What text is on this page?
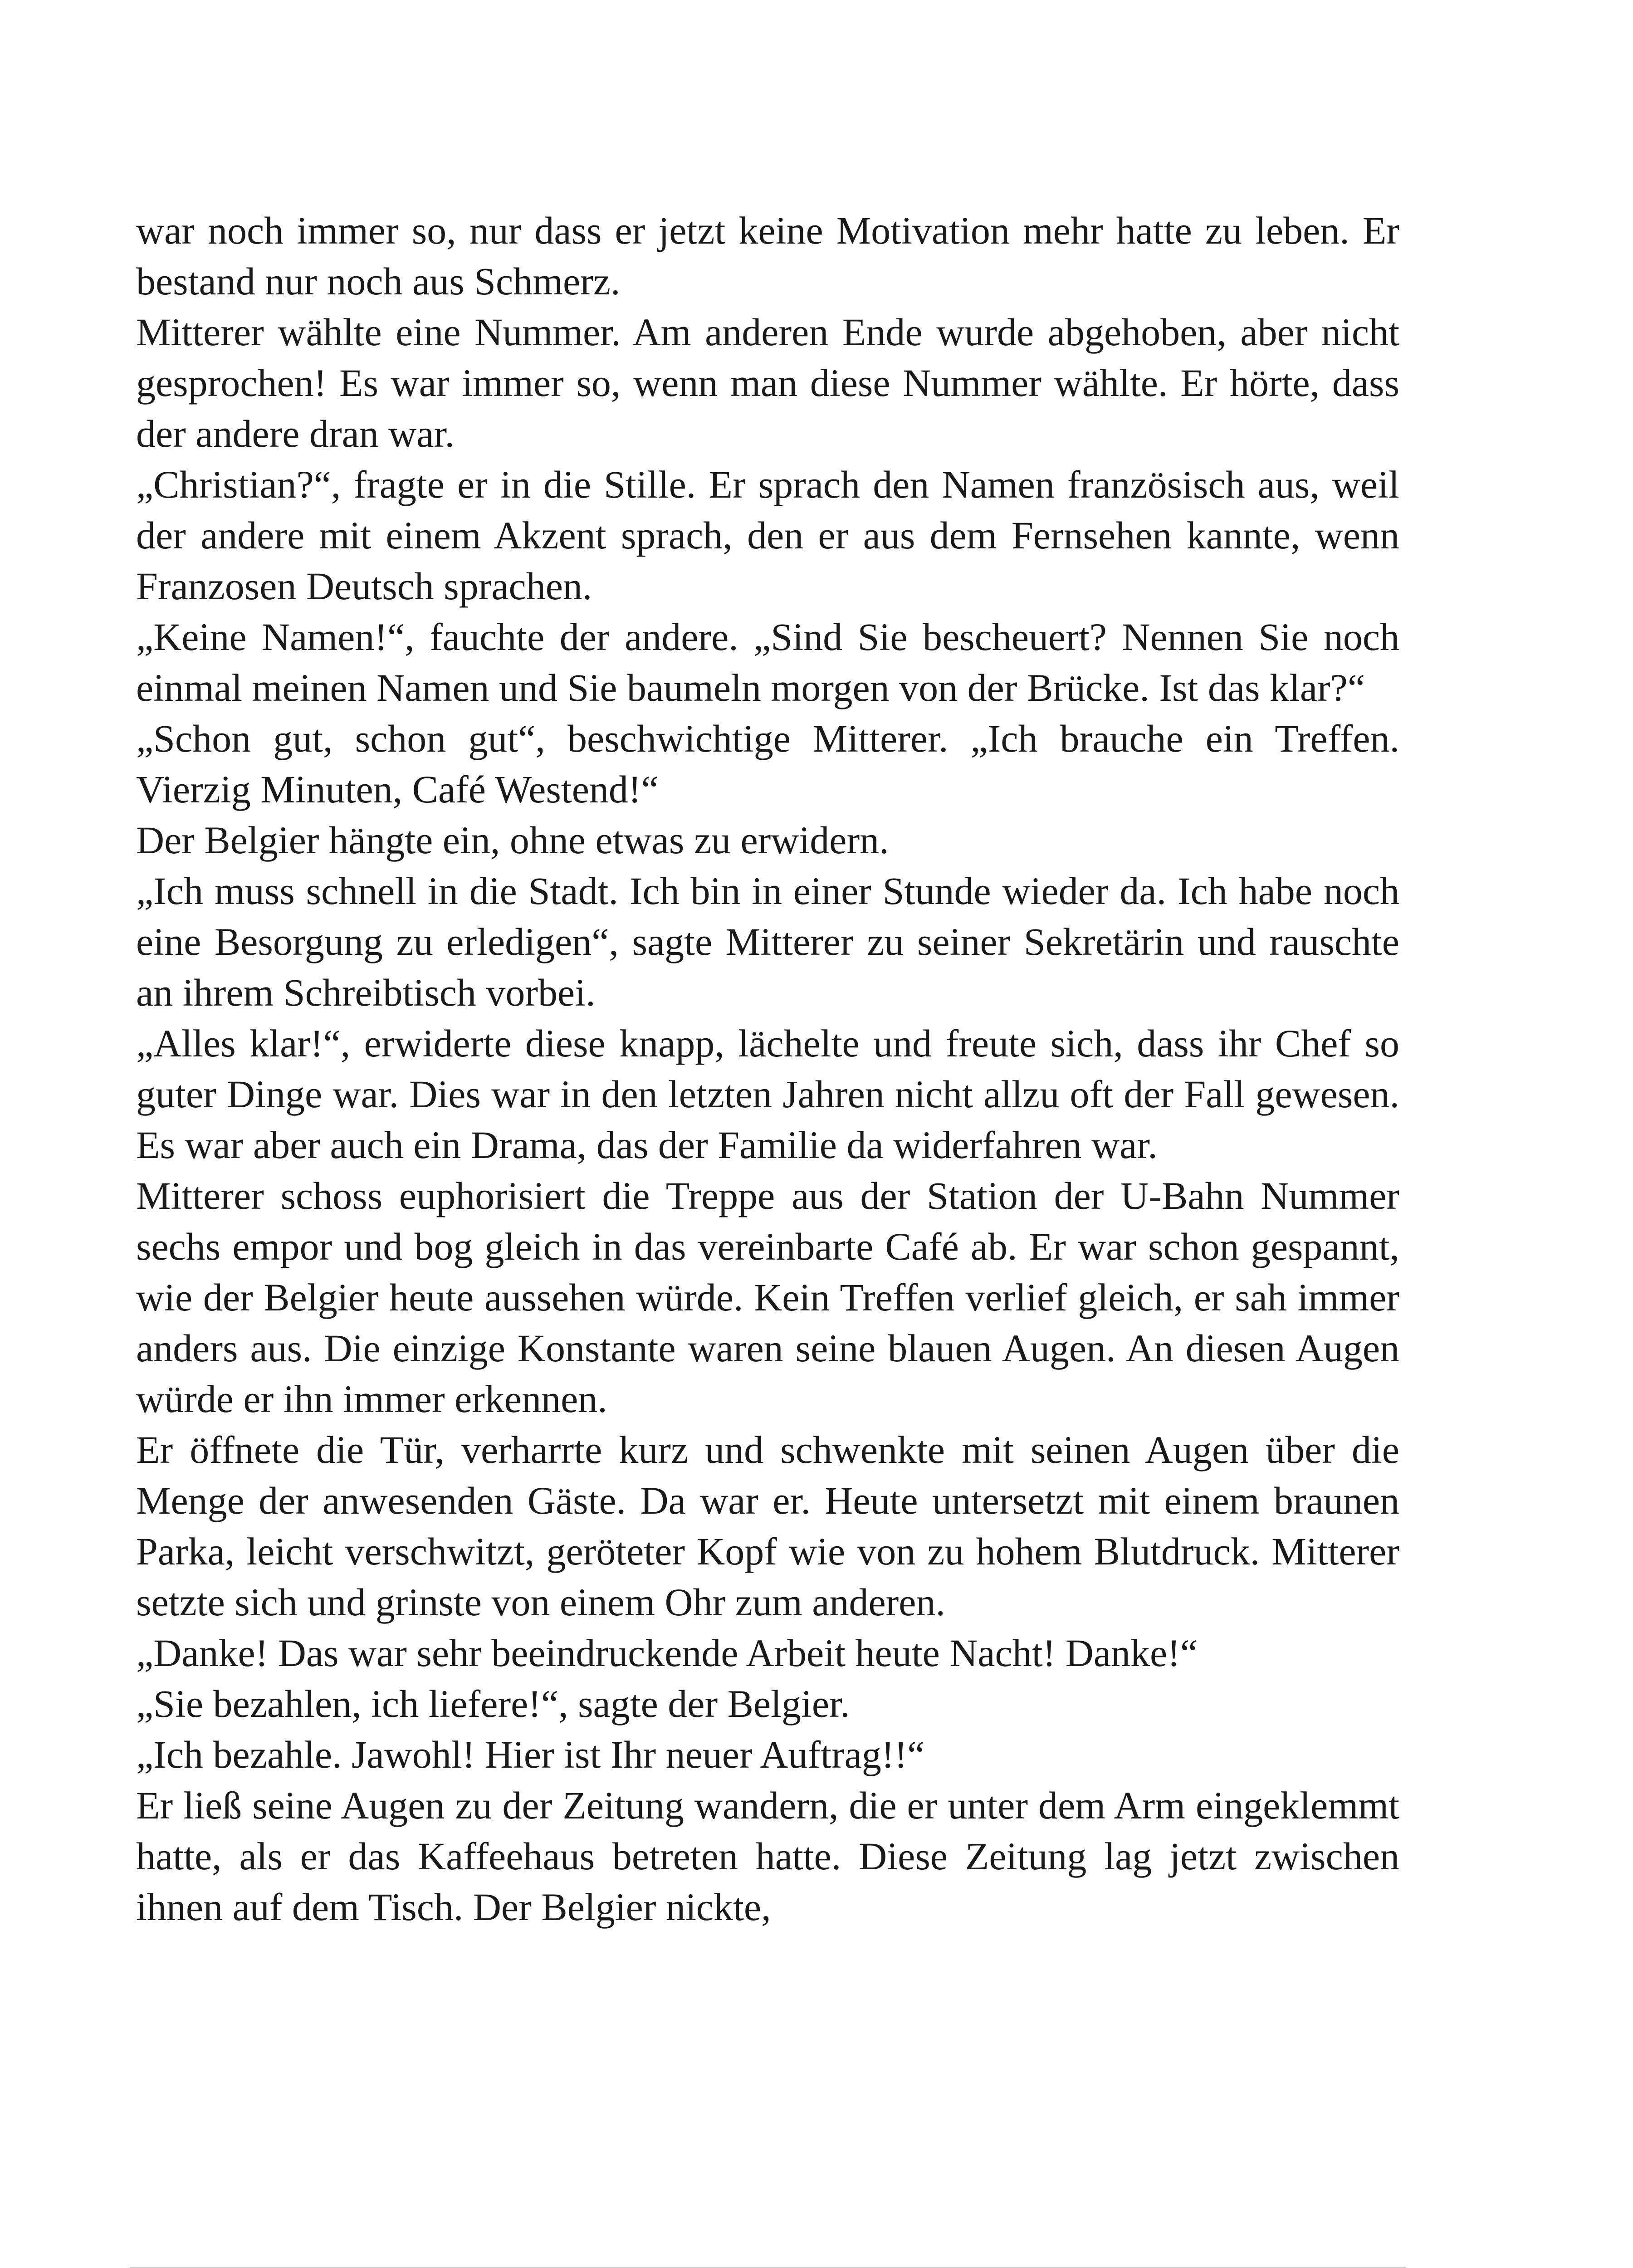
war noch immer so, nur dass er jetzt keine Motivation mehr hatte zu leben. Er bestand nur noch aus Schmerz.

Mitterer wählte eine Nummer. Am anderen Ende wurde abgehoben, aber nicht gesprochen! Es war immer so, wenn man diese Nummer wählte. Er hörte, dass der andere dran war.

„Christian?“, fragte er in die Stille. Er sprach den Namen französisch aus, weil der andere mit einem Akzent sprach, den er aus dem Fernsehen kannte, wenn Franzosen Deutsch sprachen.

„Keine Namen!“, fauchte der andere. „Sind Sie bescheuert? Nennen Sie noch einmal meinen Namen und Sie baumeln morgen von der Brücke. Ist das klar?“

„Schon gut, schon gut“, beschwichtige Mitterer. „Ich brauche ein Treffen. Vierzig Minuten, Café Westend!“

Der Belgier hängte ein, ohne etwas zu erwidern.

„Ich muss schnell in die Stadt. Ich bin in einer Stunde wieder da. Ich habe noch eine Besorgung zu erledigen“, sagte Mitterer zu seiner Sekretärin und rauschte an ihrem Schreibtisch vorbei.

„Alles klar!“, erwiderte diese knapp, lächelte und freute sich, dass ihr Chef so guter Dinge war. Dies war in den letzten Jahren nicht allzu oft der Fall gewesen. Es war aber auch ein Drama, das der Familie da widerfahren war.

Mitterer schoss euphorisiert die Treppe aus der Station der U-Bahn Nummer sechs empor und bog gleich in das vereinbarte Café ab. Er war schon gespannt, wie der Belgier heute aussehen würde. Kein Treffen verlief gleich, er sah immer anders aus. Die einzige Konstante waren seine blauen Augen. An diesen Augen würde er ihn immer erkennen.

Er öffnete die Tür, verharrte kurz und schwenkte mit seinen Augen über die Menge der anwesenden Gäste. Da war er. Heute untersetzt mit einem braunen Parka, leicht verschwitzt, geröteter Kopf wie von zu hohem Blutdruck. Mitterer setzte sich und grinste von einem Ohr zum anderen.

„Danke! Das war sehr beeindruckende Arbeit heute Nacht! Danke!“

„Sie bezahlen, ich liefere!“, sagte der Belgier.

„Ich bezahle. Jawohl! Hier ist Ihr neuer Auftrag!!“

Er ließ seine Augen zu der Zeitung wandern, die er unter dem Arm eingeklemmt hatte, als er das Kaffeehaus betreten hatte. Diese Zeitung lag jetzt zwischen ihnen auf dem Tisch. Der Belgier nickte,
